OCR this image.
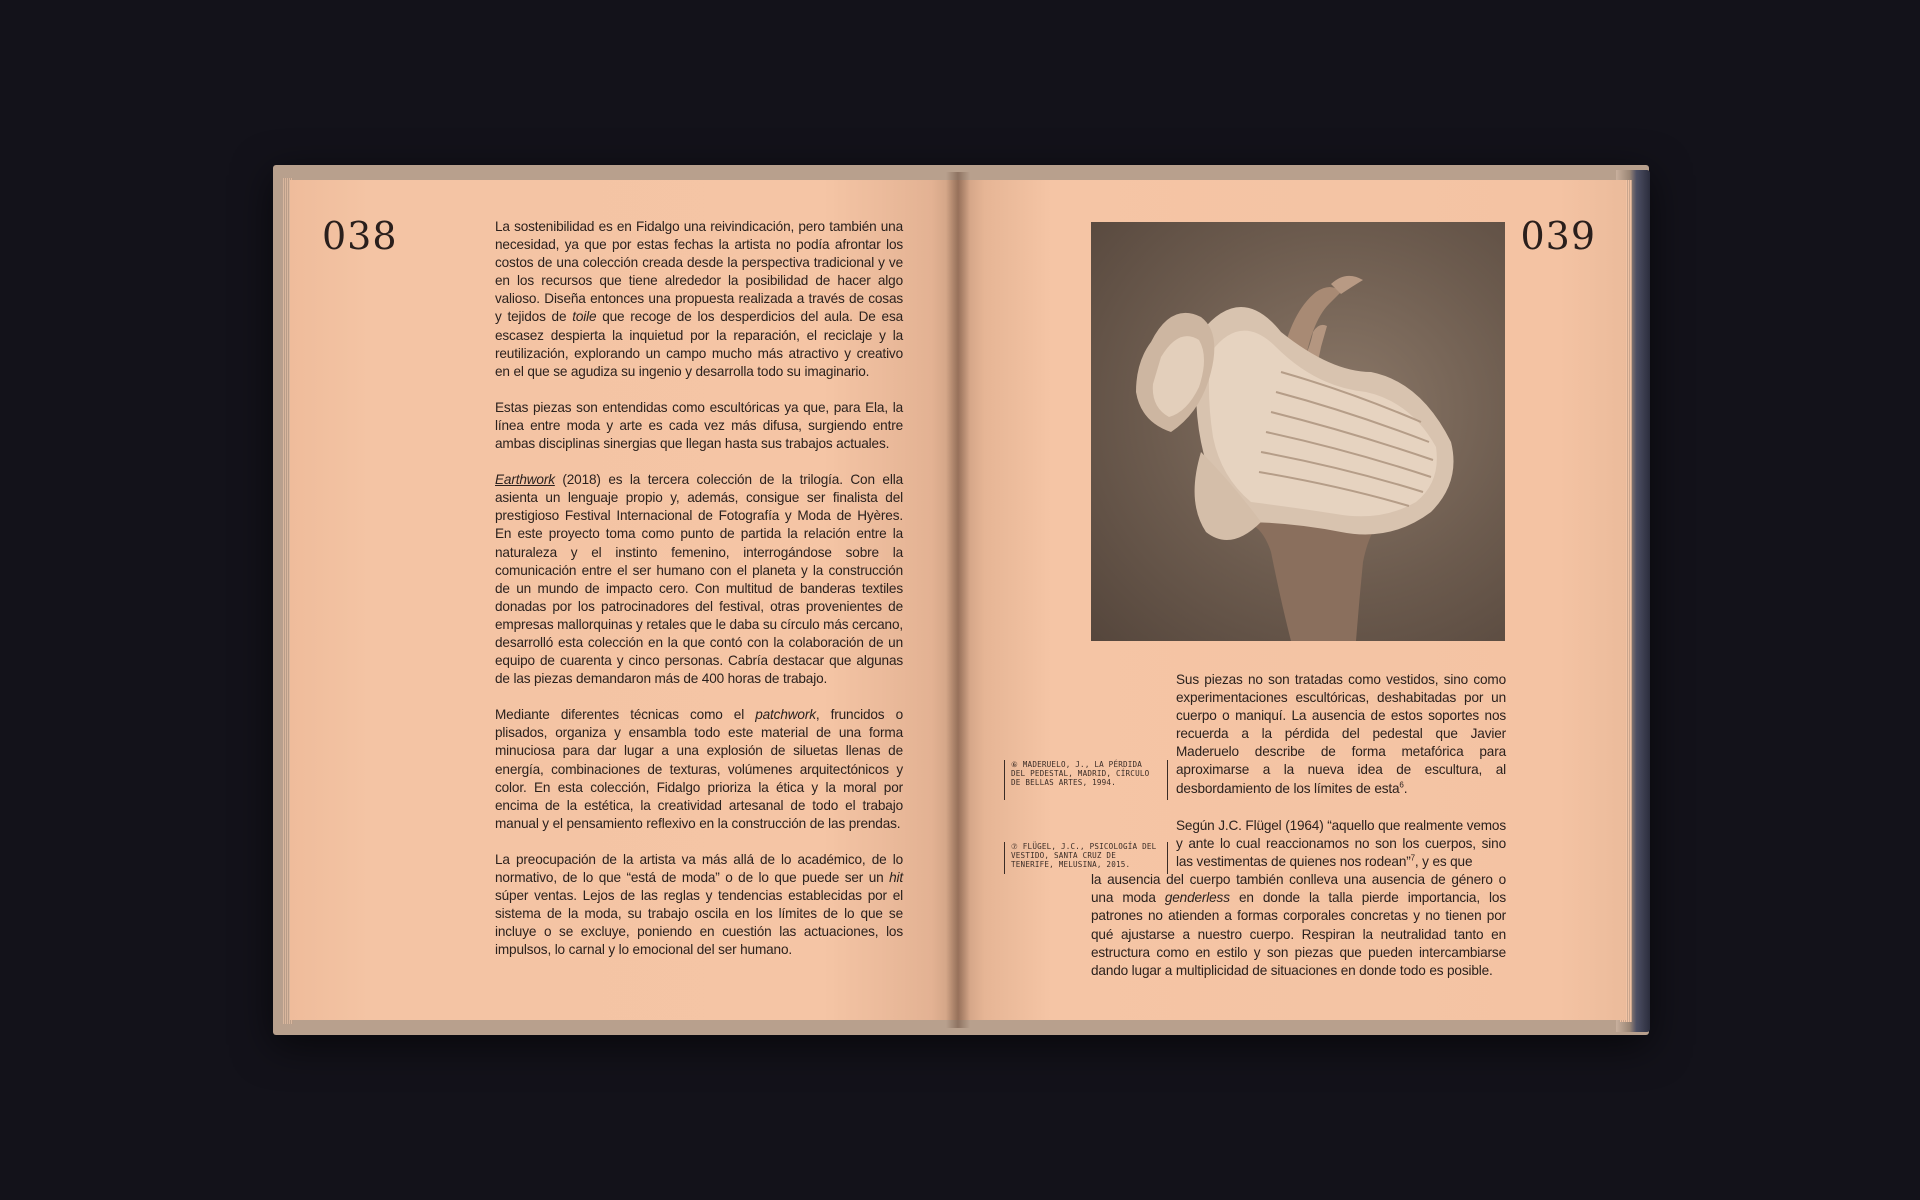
038	La sostenibilidad es en Fidalgo una reivindicación, pero también una necesidad, ya que por estas fechas la artista no podía afrontar los costos de una colección creada desde la perspectiva tradicional y ve en los recursos que tiene alrededor la posibilidad de hacer algo valioso. Diseña entonces una propuesta realizada a través de cosas y tejidos de toile que recoge de los desperdicios del aula. De esa escasez despierta la inquietud por la reparación, el reciclaje y la reutilización, explorando un campo mucho más atractivo y creativo en el que se agudiza su ingenio y desarrolla todo su imaginario.

Estas piezas son entendidas como escultóricas ya que, para Ela, la línea entre moda y arte es cada vez más difusa, surgiendo entre ambas disciplinas sinergias que llegan hasta sus trabajos actuales.

Earthwork (2018) es la tercera colección de la trilogía. Con ella asienta un lenguaje propio y, además, consigue ser finalista del prestigioso Festival Internacional de Fotografía y Moda de Hyères. En este proyecto toma como punto de partida la relación entre la naturaleza y el instinto femenino, interrogándose sobre la comunicación entre el ser humano con el planeta y la construcción de un mundo de impacto cero. Con multitud de banderas textiles donadas por los patrocinadores del festival, otras provenientes de empresas mallorquinas y retales que le daba su círculo más cercano, desarrolló esta colección en la que contó con la colaboración de un equipo de cuarenta y cinco personas. Cabría destacar que algunas de las piezas demandaron más de 400 horas de trabajo.

Mediante diferentes técnicas como el patchwork, fruncidos o plisados, organiza y ensambla todo este material de una forma minuciosa para dar lugar a una explosión de siluetas llenas de energía, combinaciones de texturas, volúmenes arquitectónicos y color. En esta colección, Fidalgo prioriza la ética y la moral por encima de la estética, la creatividad artesanal de todo el trabajo manual y el pensamiento reflexivo en la construcción de las prendas.

La preocupación de la artista va más allá de lo académico, de lo normativo, de lo que “está de moda” o de lo que puede ser un hit súper ventas. Lejos de las reglas y tendencias establecidas por el sistema de la moda, su trabajo oscila en los límites de lo que se incluye o se excluye, poniendo en cuestión las actuaciones, los impulsos, lo carnal y lo emocional del ser humano.

039

Sus piezas no son tratadas como vestidos, sino como experimentaciones escultóricas, deshabitadas por un cuerpo o maniquí. La ausencia de estos soportes nos recuerda a la pérdida del pedestal que Javier Maderuelo describe de forma metafórica para aproximarse a la nueva idea de escultura, al desbordamiento de los límites de esta$^6$.

Según J.C. Flügel (1964) “aquello que realmente vemos y ante lo cual reaccionamos no son los cuerpos, sino las vestimentas de quienes nos rodean”$^7$, y es que
la ausencia del cuerpo también conlleva una ausencia de género o una moda genderless en donde la talla pierde importancia, los patrones no atienden a formas corporales concretas y no tienen por qué ajustarse a nuestro cuerpo. Respiran la neutralidad tanto en estructura como en estilo y son piezas que pueden intercambiarse dando lugar a multiplicidad de situaciones en donde todo es posible.

⑥ MADERUELO, J., LA PÉRDIDA DEL PEDESTAL, MADRID, CÍRCULO DE BELLAS ARTES, 1994.
⑦ FLÜGEL, J.C., PSICOLOGÍA DEL VESTIDO, SANTA CRUZ DE TENERIFE, MELUSINA, 2015.
